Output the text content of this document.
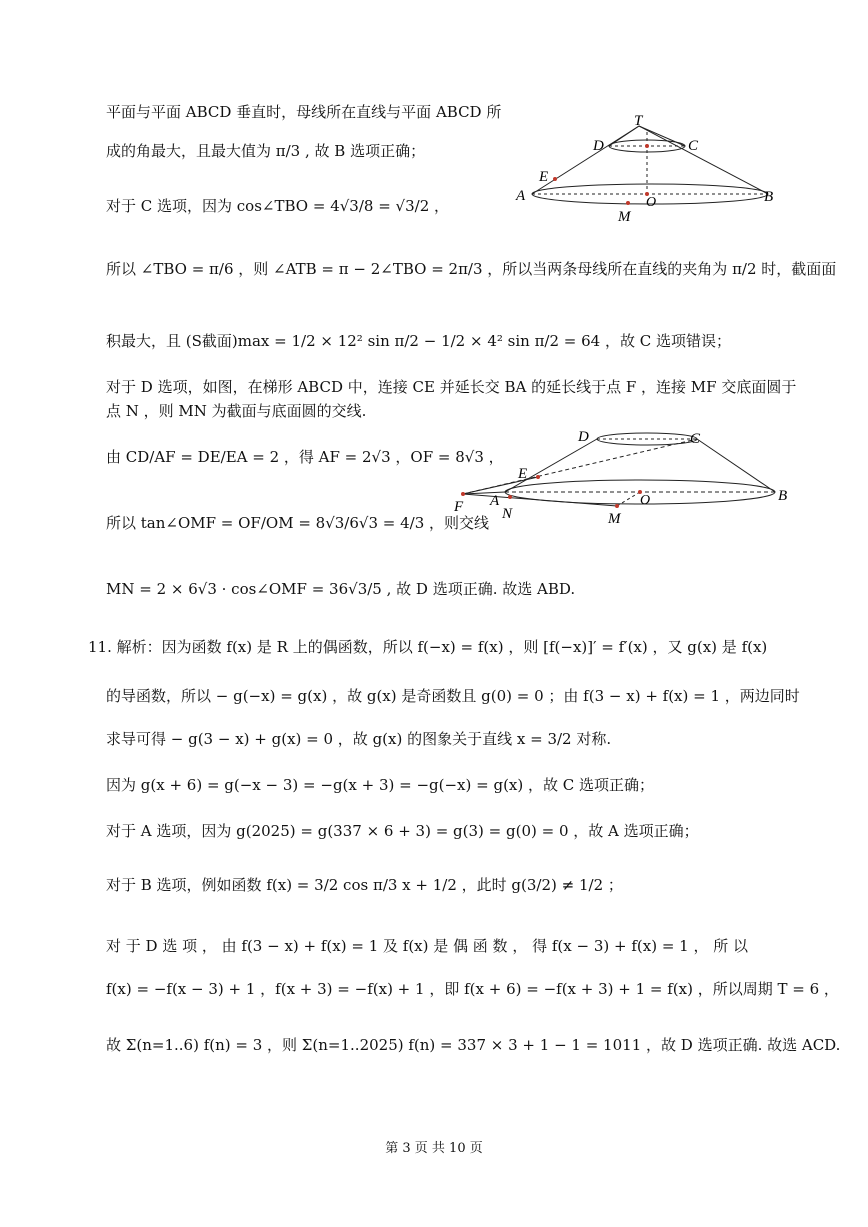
平面与平面 ABCD 垂直时，母线所在直线与平面 ABCD 所
成的角最大，且最大值为 π/3 , 故 B 选项正确；
对于 C 选项，因为 cos∠TBO = 4√3/8 = √3/2 ，
所以 ∠TBO = π/6 ，则 ∠ATB = π − 2∠TBO = 2π/3 ，所以当两条母线所在直线的夹角为 π/2 时，截面面
积最大，且 (S截面)max = 1/2 × 12² sin π/2 − 1/2 × 4² sin π/2 = 64 ，故 C 选项错误；
对于 D 选项，如图，在梯形 ABCD 中，连接 CE 并延长交 BA 的延长线于点 F ，连接 MF 交底面圆于
点 N ，则 MN 为截面与底面圆的交线.
由 CD/AF = DE/EA = 2 ，得 AF = 2√3 ，OF = 8√3 ，
所以 tan∠OMF = OF/OM = 8√3/6√3 = 4/3 ，则交线
MN = 2 × 6√3 · cos∠OMF = 36√3/5 , 故 D 选项正确. 故选 ABD.
11. 解析：因为函数 f(x) 是 R 上的偶函数，所以 f(−x) = f(x) ，则 [f(−x)]′ = f′(x) ，又 g(x) 是 f(x)
的导函数，所以 − g(−x) = g(x) ，故 g(x) 是奇函数且 g(0) = 0 ；由 f(3 − x) + f(x) = 1 ，两边同时
求导可得 − g(3 − x) + g(x) = 0 ，故 g(x) 的图象关于直线 x = 3/2 对称.
因为 g(x + 6) = g(−x − 3) = −g(x + 3) = −g(−x) = g(x) ，故 C 选项正确；
对于 A 选项，因为 g(2025) = g(337 × 6 + 3) = g(3) = g(0) = 0 ，故 A 选项正确；
对于 B 选项，例如函数 f(x) = 3/2 cos π/3 x + 1/2 ，此时 g(3/2) ≠ 1/2 ；
对 于 D 选 项 ， 由 f(3 − x) + f(x) = 1 及 f(x) 是 偶 函 数 ， 得 f(x − 3) + f(x) = 1 ， 所 以
f(x) = −f(x − 3) + 1 ，f(x + 3) = −f(x) + 1 ，即 f(x + 6) = −f(x + 3) + 1 = f(x) ，所以周期 T = 6 ，
故 Σ(n=1..6) f(n) = 3 ，则 Σ(n=1..2025) f(n) = 337 × 3 + 1 − 1 = 1011 ，故 D 选项正确. 故选 ACD.
T
D	C
E
A	B
O
M
D	C
E
F A
N
O	B
M
第 3 页 共 10 页
